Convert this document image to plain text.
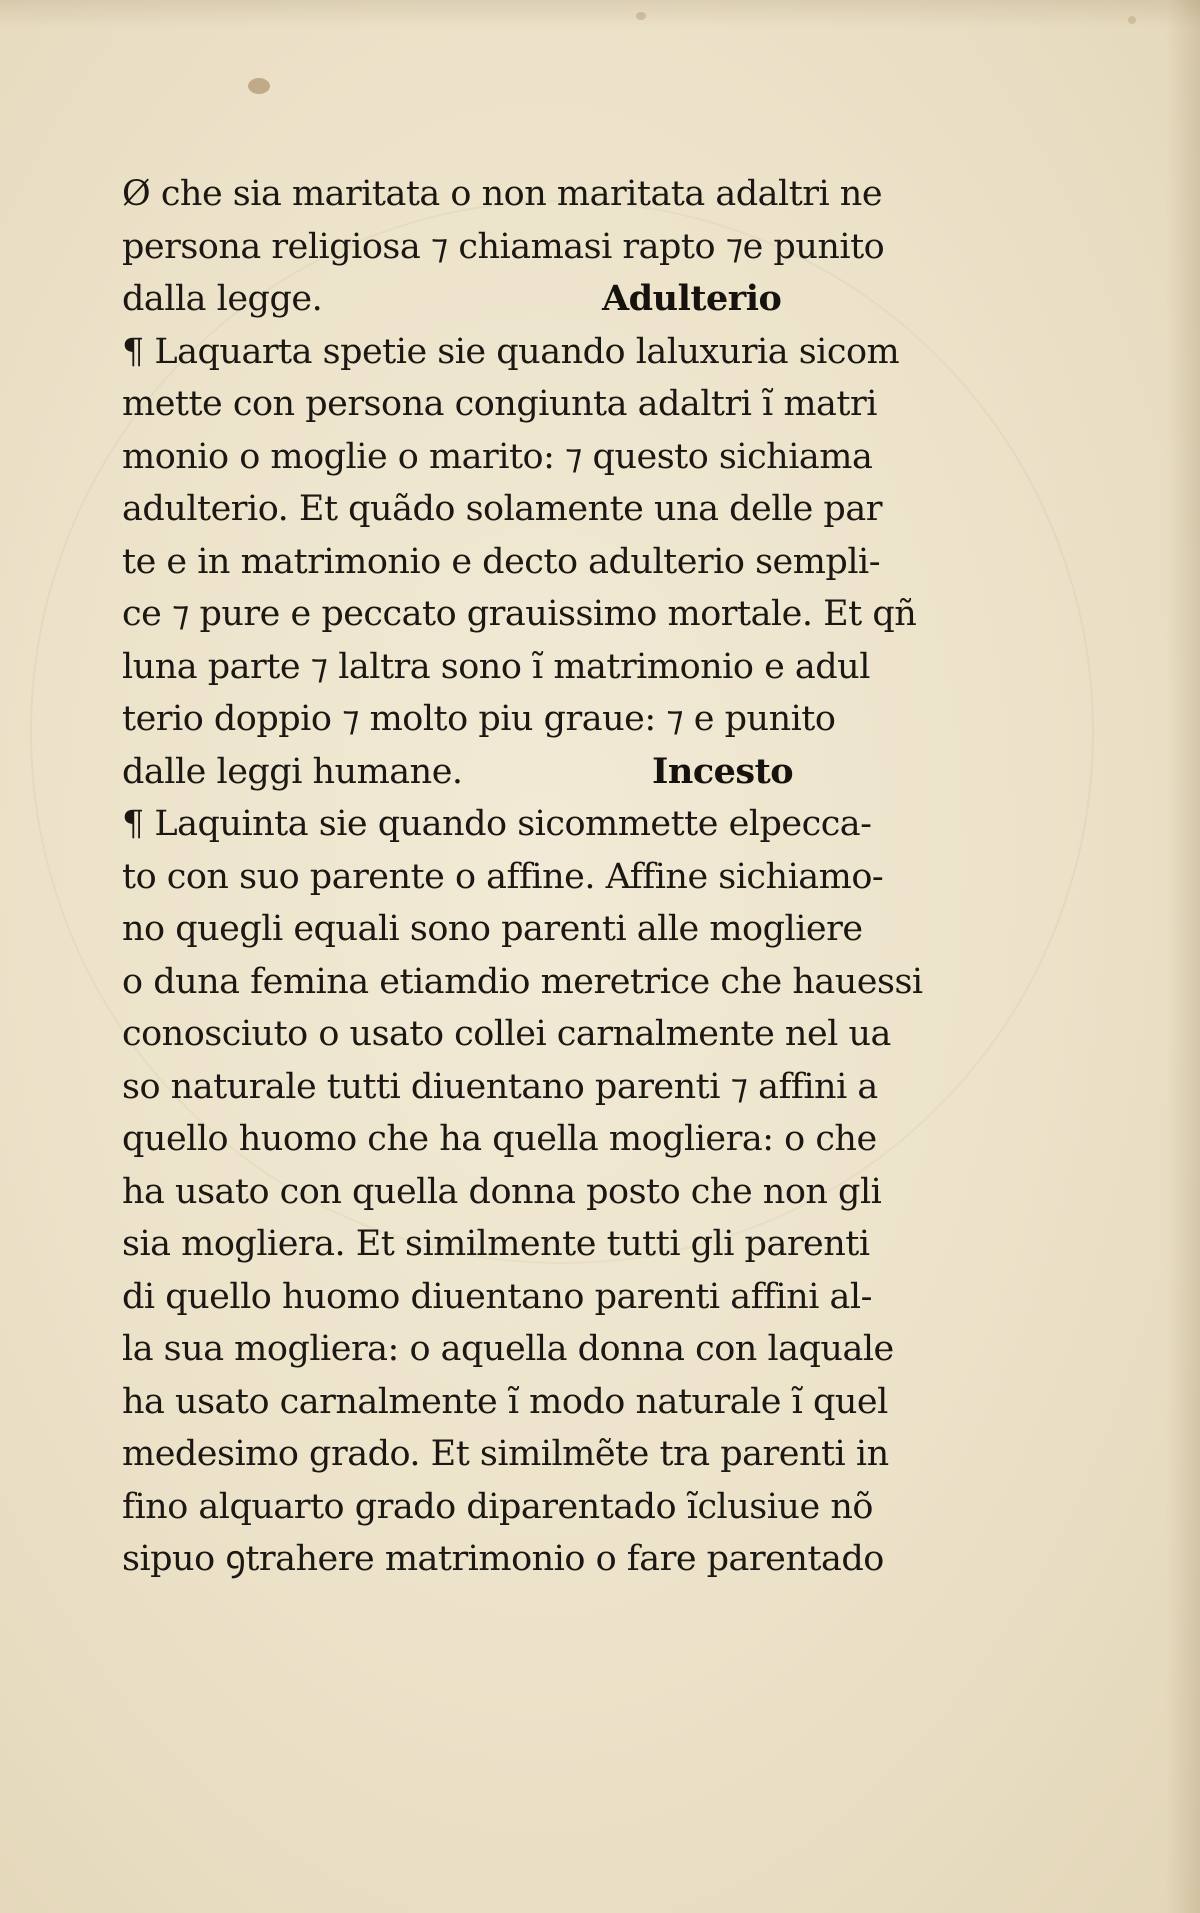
Ø che sia maritata o non maritata adaltri ne
persona religiosa ⁊ chiamasi rapto ⁊e punito
dalla legge.	Adulterio
¶ Laquarta spetie sie quando laluxuria sicom
mette con persona congiunta adaltri ĩ matri
monio o moglie o marito: ⁊ questo sichiama
adulterio. Et quãdo solamente una delle par
te e in matrimonio e decto adulterio sempli-
ce ⁊ pure e peccato grauissimo mortale. Et qñ
luna parte ⁊ laltra sono ĩ matrimonio e adul
terio doppio ⁊ molto piu graue: ⁊ e punito
dalle leggi humane.	Incesto
¶ Laquinta sie quando sicommette elpecca-
to con suo parente o affine. Affine sichiamo-
no quegli equali sono parenti alle mogliere
o duna femina etiamdio meretrice che hauessi
conosciuto o usato collei carnalmente nel ua
so naturale tutti diuentano parenti ⁊ affini a
quello huomo che ha quella mogliera: o che
ha usato con quella donna posto che non gli
sia mogliera. Et similmente tutti gli parenti
di quello huomo diuentano parenti affini al-
la sua mogliera: o aquella donna con laquale
ha usato carnalmente ĩ modo naturale ĩ quel
medesimo grado. Et similmẽte tra parenti in
fino alquarto grado diparentado ĩclusiue nõ
sipuo ꝯtrahere matrimonio o fare parentado
